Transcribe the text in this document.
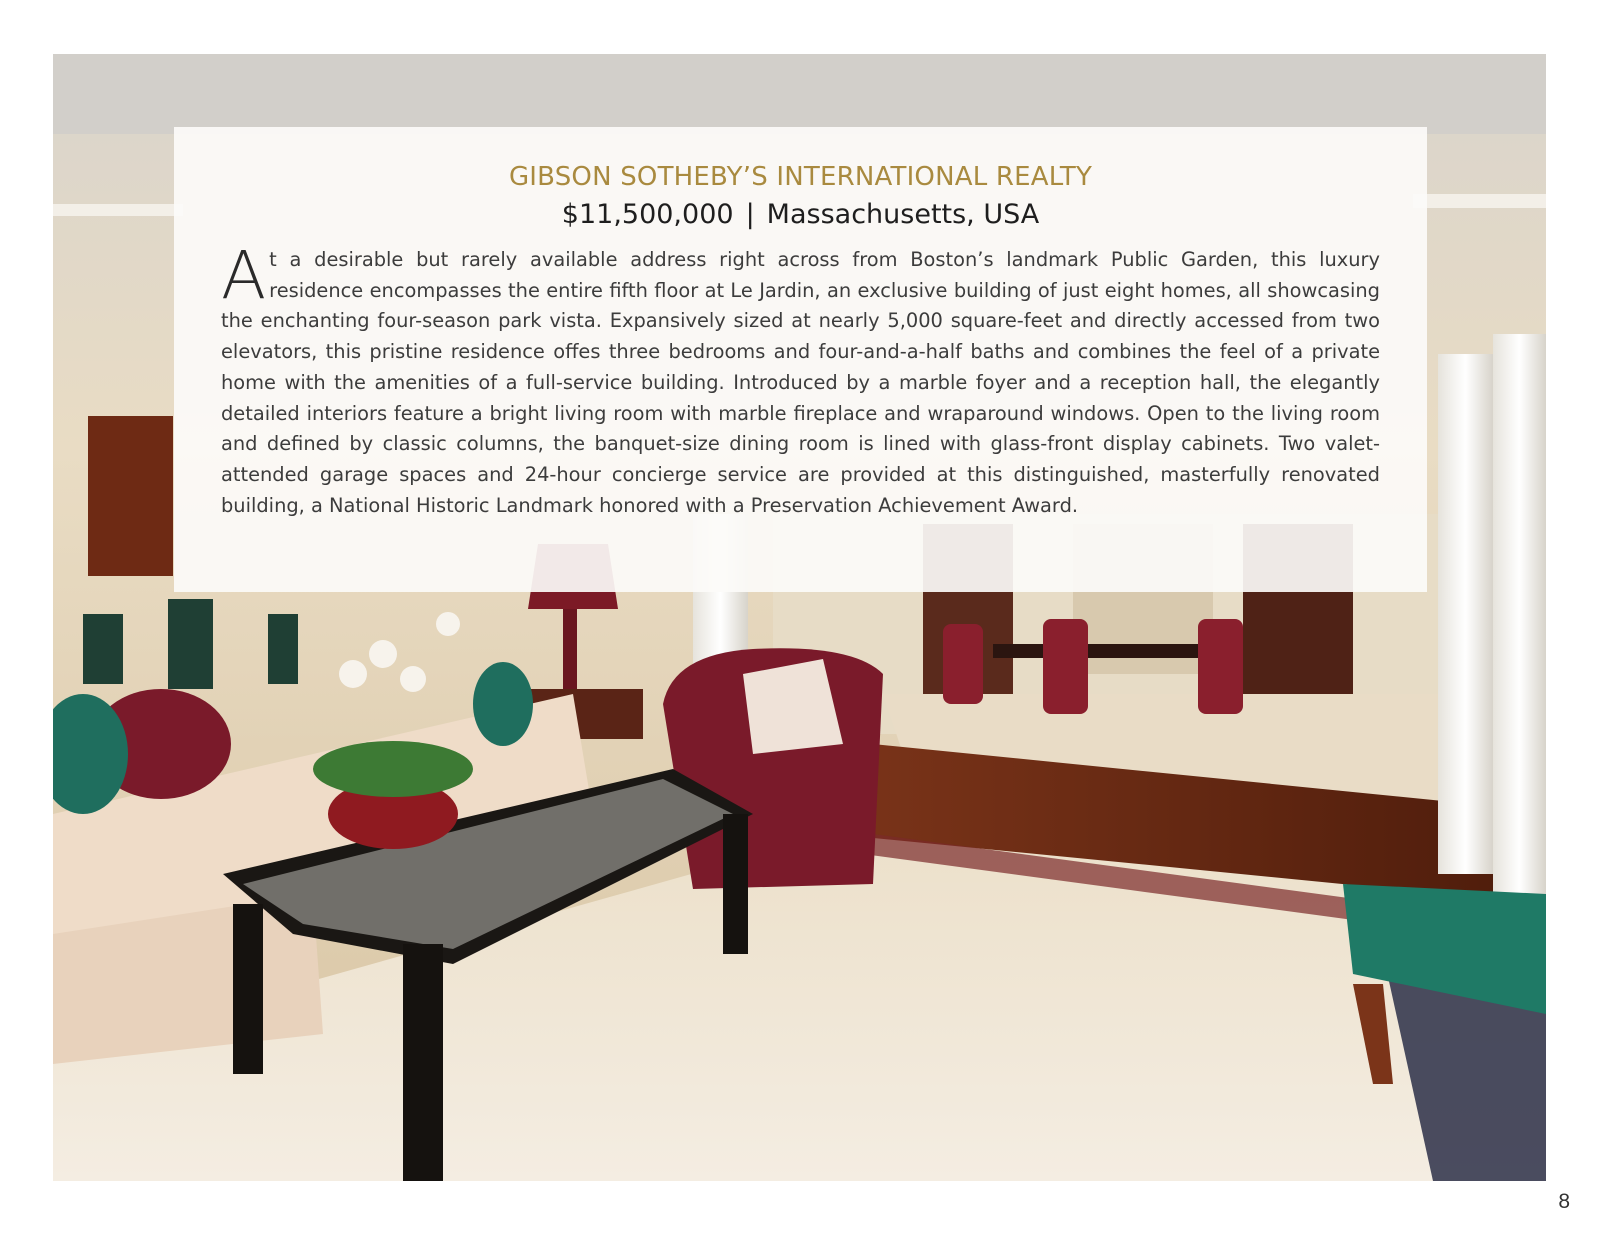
GIBSON SOTHEBY’S INTERNATIONAL REALTY
$11,500,000 | Massachusetts, USA
At a desirable but rarely available address right across from Boston’s landmark Public Garden, this luxury residence encompasses the entire fifth floor at Le Jardin, an exclusive building of just eight homes, all showcasing the enchanting four-season park vista. Expansively sized at nearly 5,000 square-feet and directly accessed from two elevators, this pristine residence offes three bedrooms and four-and-a-half baths and combines the feel of a private home with the amenities of a full-service building. Introduced by a marble foyer and a reception hall, the elegantly detailed interiors feature a bright living room with marble fireplace and wraparound windows. Open to the living room and defined by classic columns, the banquet-size dining room is lined with glass-front display cabinets. Two valet-attended garage spaces and 24-hour concierge service are provided at this distinguished, masterfully renovated building, a National Historic Landmark honored with a Preservation Achievement Award.
8
